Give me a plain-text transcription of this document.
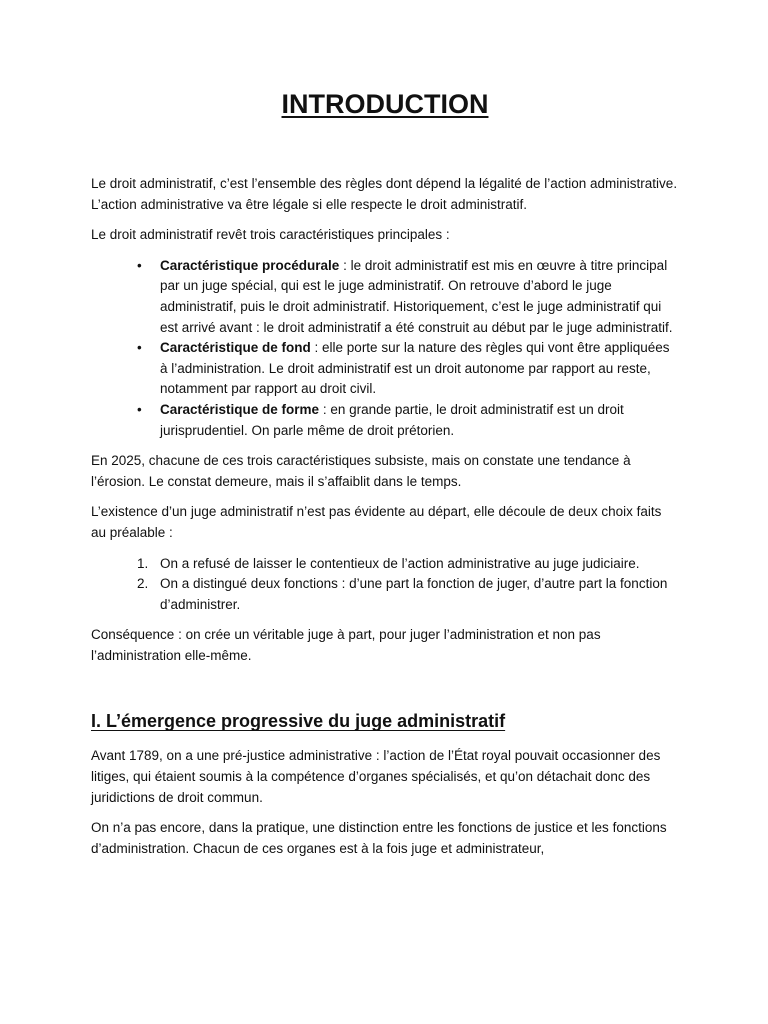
INTRODUCTION

Le droit administratif, c’est l’ensemble des règles dont dépend la légalité de l’action administrative. L’action administrative va être légale si elle respecte le droit administratif.

Le droit administratif revêt trois caractéristiques principales :

• Caractéristique procédurale : le droit administratif est mis en œuvre à titre principal par un juge spécial, qui est le juge administratif. On retrouve d’abord le juge administratif, puis le droit administratif. Historiquement, c’est le juge administratif qui est arrivé avant : le droit administratif a été construit au début par le juge administratif.
• Caractéristique de fond : elle porte sur la nature des règles qui vont être appliquées à l’administration. Le droit administratif est un droit autonome par rapport au reste, notamment par rapport au droit civil.
• Caractéristique de forme : en grande partie, le droit administratif est un droit jurisprudentiel. On parle même de droit prétorien.

En 2025, chacune de ces trois caractéristiques subsiste, mais on constate une tendance à l’érosion. Le constat demeure, mais il s’affaiblit dans le temps.

L’existence d’un juge administratif n’est pas évidente au départ, elle découle de deux choix faits au préalable :

1. On a refusé de laisser le contentieux de l’action administrative au juge judiciaire.
2. On a distingué deux fonctions : d’une part la fonction de juger, d’autre part la fonction d’administrer.

Conséquence : on crée un véritable juge à part, pour juger l’administration et non pas l’administration elle-même.

I. L’émergence progressive du juge administratif

Avant 1789, on a une pré-justice administrative : l’action de l’État royal pouvait occasionner des litiges, qui étaient soumis à la compétence d’organes spécialisés, et qu’on détachait donc des juridictions de droit commun.

On n’a pas encore, dans la pratique, une distinction entre les fonctions de justice et les fonctions d’administration. Chacun de ces organes est à la fois juge et administrateur,
